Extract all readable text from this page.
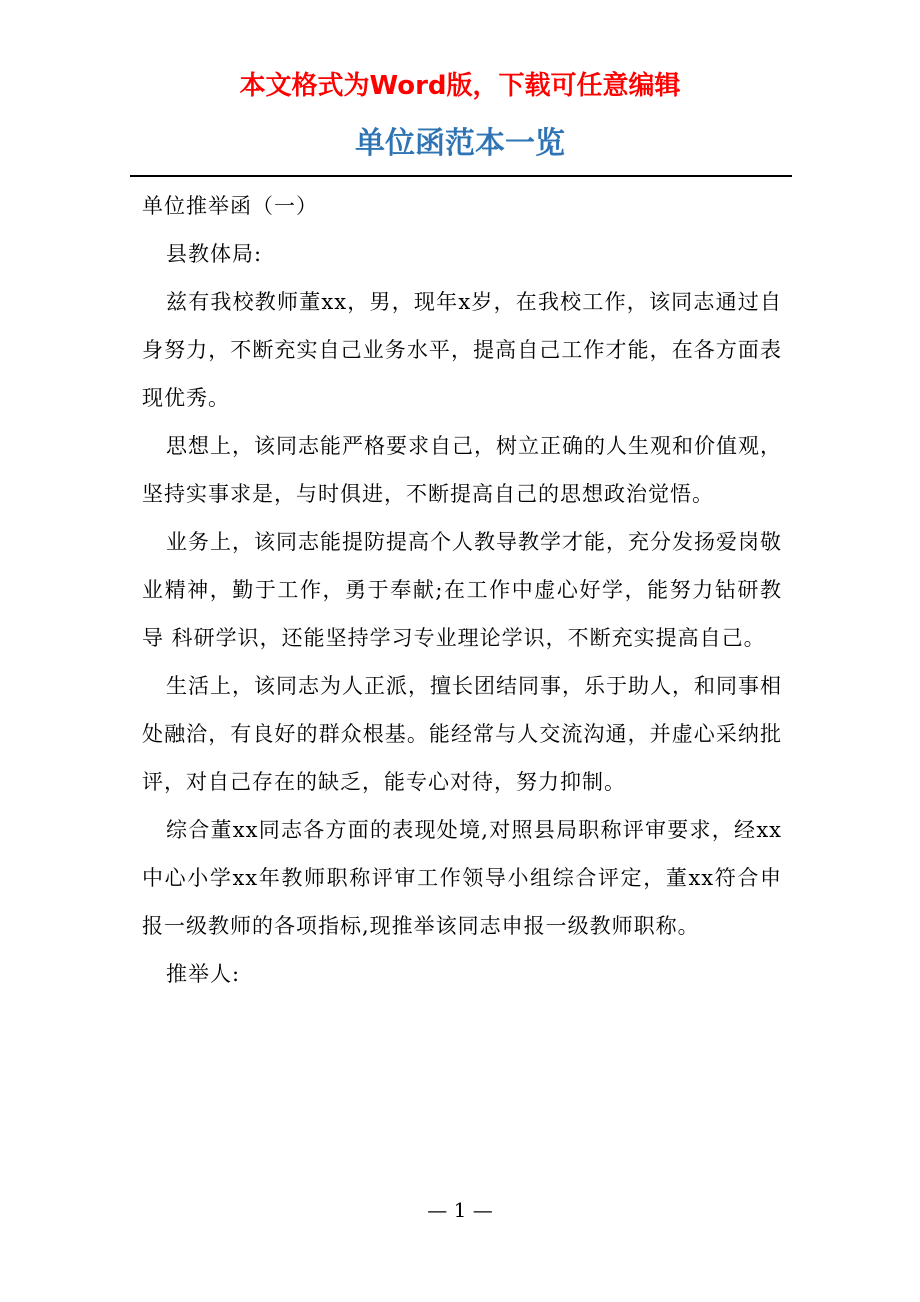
本文格式为Word版，下载可任意编辑
单位函范本一览

单位推举函（一）

县教体局:

兹有我校教师董xx，男，现年x岁，在我校工作，该同志通过自身努力，不断充实自己业务水平，提高自己工作才能，在各方面表现优秀。

思想上，该同志能严格要求自己，树立正确的人生观和价值观，坚持实事求是，与时俱进，不断提高自己的思想政治觉悟。

业务上，该同志能提防提高个人教导教学才能，充分发扬爱岗敬业精神，勤于工作，勇于奉献;在工作中虚心好学，能努力钻研教导 科研学识，还能坚持学习专业理论学识，不断充实提高自己。

生活上，该同志为人正派，擅长团结同事，乐于助人，和同事相处融洽，有良好的群众根基。能经常与人交流沟通，并虚心采纳批评，对自己存在的缺乏，能专心对待，努力抑制。

综合董xx同志各方面的表现处境,对照县局职称评审要求，经xx中心小学xx年教师职称评审工作领导小组综合评定，董xx符合申报一级教师的各项指标,现推举该同志申报一级教师职称。

推举人:

— 1 —
